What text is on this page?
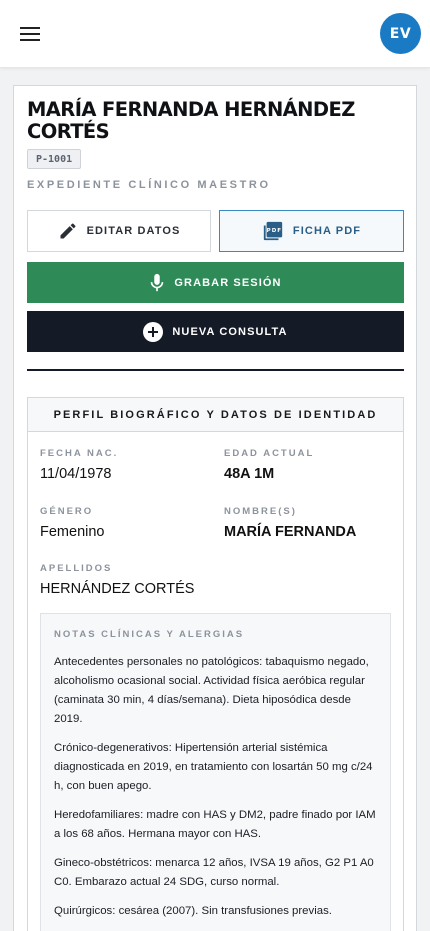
EV
MARÍA FERNANDA HERNÁNDEZ
CORTÉS
P-1001
EXPEDIENTE CLÍNICO MAESTRO
EDITAR DATOS	PDF FICHA PDF
GRABAR SESIÓN
NUEVA CONSULTA
PERFIL BIOGRÁFICO Y DATOS DE IDENTIDAD
FECHA NAC.
11/04/1978
EDAD ACTUAL
48A 1M
GÉNERO
Femenino
NOMBRE(S)
MARÍA FERNANDA
APELLIDOS
HERNÁNDEZ CORTÉS
NOTAS CLÍNICAS Y ALERGIAS

Antecedentes personales no patológicos: tabaquismo negado, alcoholismo ocasional social. Actividad física aeróbica regular (caminata 30 min, 4 días/semana). Dieta hiposódica desde 2019.

Crónico-degenerativos: Hipertensión arterial sistémica diagnosticada en 2019, en tratamiento con losartán 50 mg c/24 h, con buen apego.

Heredofamiliares: madre con HAS y DM2, padre finado por IAM a los 68 años. Hermana mayor con HAS.

Gineco-obstétricos: menarca 12 años, IVSA 19 años, G2 P1 A0 C0. Embarazo actual 24 SDG, curso normal.

Quirúrgicos: cesárea (2007). Sin transfusiones previas.
